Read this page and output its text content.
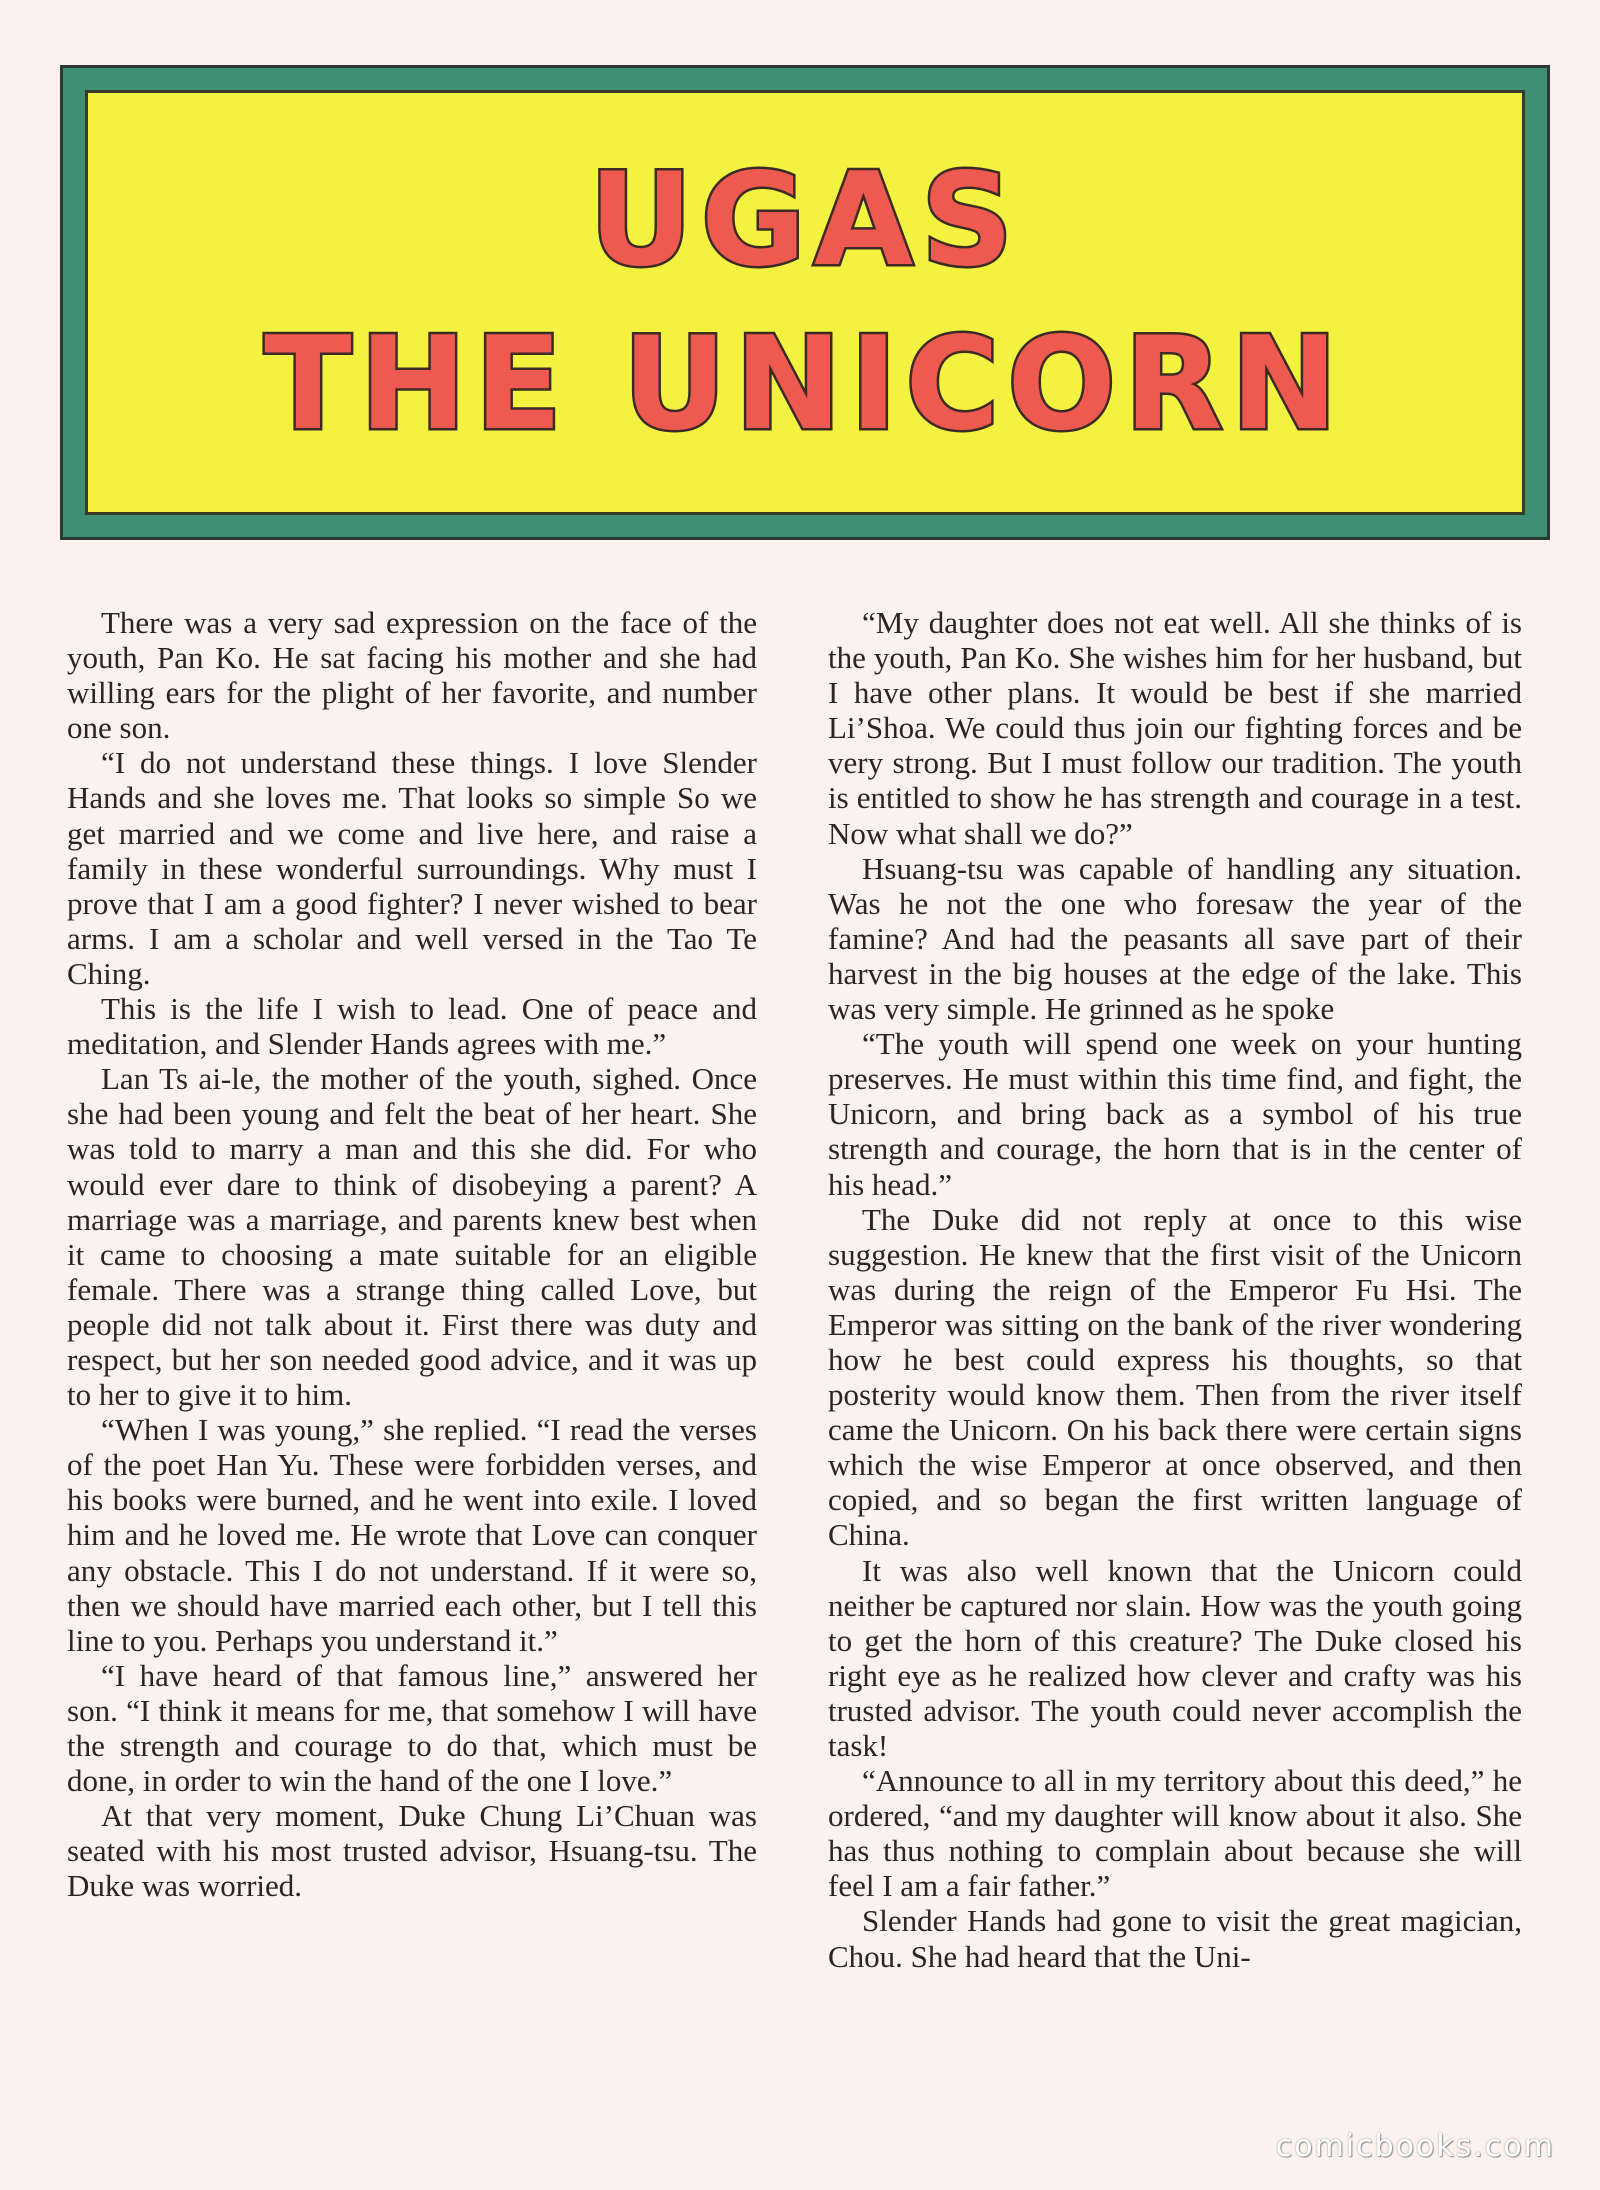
UGAS
THE UNICORN

There was a very sad expression on the face of the youth, Pan Ko. He sat facing his mother and she had willing ears for the plight of her favorite, and number one son.

“I do not understand these things. I love Slender Hands and she loves me. That looks so simple So we get married and we come and live here, and raise a family in these wonderful surroundings. Why must I prove that I am a good fighter? I never wished to bear arms. I am a scholar and well versed in the Tao Te Ching.

This is the life I wish to lead. One of peace and meditation, and Slender Hands agrees with me.”

Lan Ts ai-le, the mother of the youth, sighed. Once she had been young and felt the beat of her heart. She was told to marry a man and this she did. For who would ever dare to think of disobeying a parent? A marriage was a marriage, and parents knew best when it came to choosing a mate suitable for an eligible female. There was a strange thing called Love, but people did not talk about it. First there was duty and respect, but her son needed good advice, and it was up to her to give it to him.

“When I was young,” she replied. “I read the verses of the poet Han Yu. These were forbidden verses, and his books were burned, and he went into exile. I loved him and he loved me. He wrote that Love can conquer any obstacle. This I do not understand. If it were so, then we should have married each other, but I tell this line to you. Perhaps you understand it.”

“I have heard of that famous line,” answered her son. “I think it means for me, that somehow I will have the strength and courage to do that, which must be done, in order to win the hand of the one I love.”

At that very moment, Duke Chung Li’Chuan was seated with his most trusted advisor, Hsuang-tsu. The Duke was worried.

“My daughter does not eat well. All she thinks of is the youth, Pan Ko. She wishes him for her husband, but I have other plans. It would be best if she married Li’Shoa. We could thus join our fighting forces and be very strong. But I must follow our tradition. The youth is entitled to show he has strength and courage in a test. Now what shall we do?”

Hsuang-tsu was capable of handling any situation. Was he not the one who foresaw the year of the famine? And had the peasants all save part of their harvest in the big houses at the edge of the lake. This was very simple. He grinned as he spoke

“The youth will spend one week on your hunting preserves. He must within this time find, and fight, the Unicorn, and bring back as a symbol of his true strength and courage, the horn that is in the center of his head.”

The Duke did not reply at once to this wise suggestion. He knew that the first visit of the Unicorn was during the reign of the Emperor Fu Hsi. The Emperor was sitting on the bank of the river wondering how he best could express his thoughts, so that posterity would know them. Then from the river itself came the Unicorn. On his back there were certain signs which the wise Emperor at once observed, and then copied, and so began the first written language of China.

It was also well known that the Unicorn could neither be captured nor slain. How was the youth going to get the horn of this creature? The Duke closed his right eye as he realized how clever and crafty was his trusted advisor. The youth could never accomplish the task!

“Announce to all in my territory about this deed,” he ordered, “and my daughter will know about it also. She has thus nothing to complain about because she will feel I am a fair father.”

Slender Hands had gone to visit the great magician, Chou. She had heard that the Uni-

comicbooks.com
